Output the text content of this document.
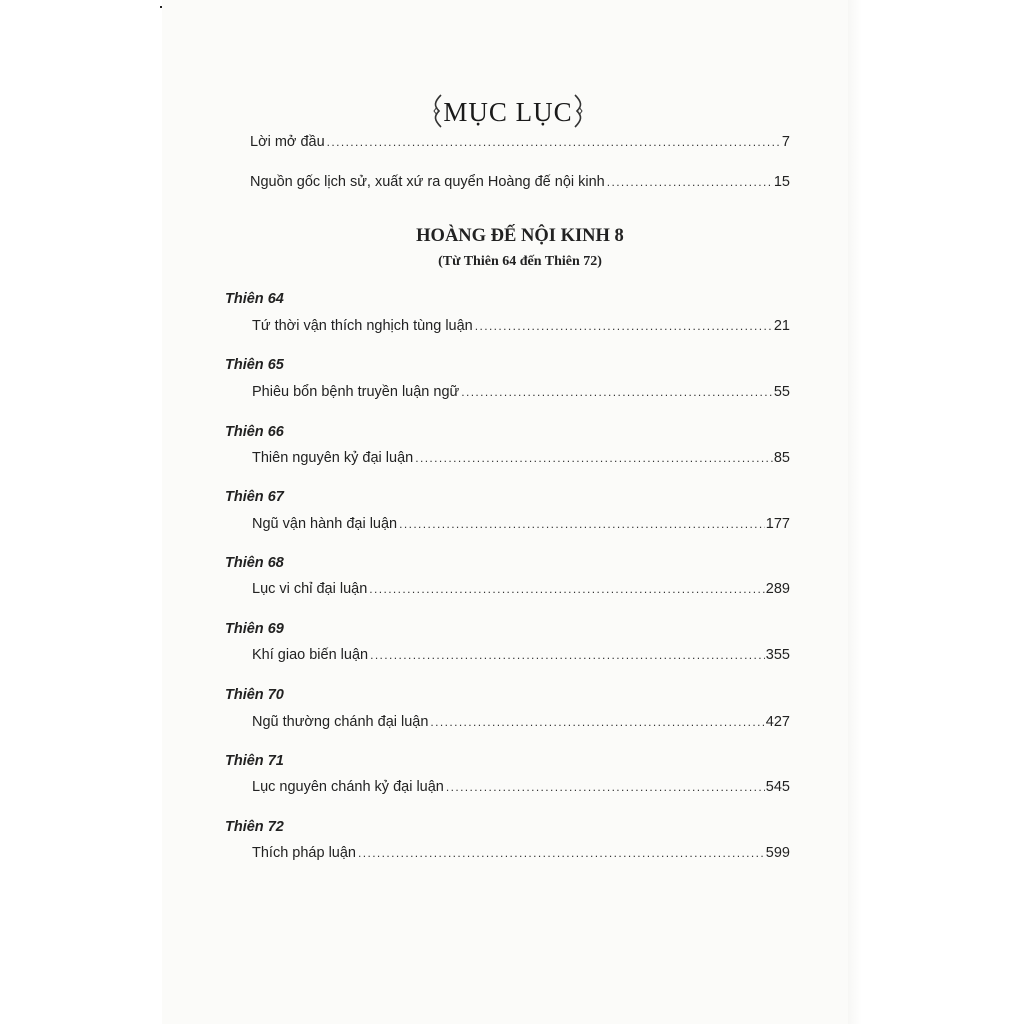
MỤC LỤC
Lời mở đầu .....	7
Nguồn gốc lịch sử, xuất xứ ra quyển Hoàng đế nội kinh .....	15
HOÀNG ĐẾ NỘI KINH 8
(Từ Thiên 64 đến Thiên 72)
Thiên 64
Tứ thời vận thích nghịch tùng luận .....	21
Thiên 65
Phiêu bổn bệnh truyền luận ngữ .....	55
Thiên 66
Thiên nguyên kỷ đại luận .....	85
Thiên 67
Ngũ vận hành đại luận .....	177
Thiên 68
Lục vi chỉ đại luận .....	289
Thiên 69
Khí giao biến luận .....	355
Thiên 70
Ngũ thường chánh đại luận .....	427
Thiên 71
Lục nguyên chánh kỷ đại luận .....	545
Thiên 72
Thích pháp luận .....	599
